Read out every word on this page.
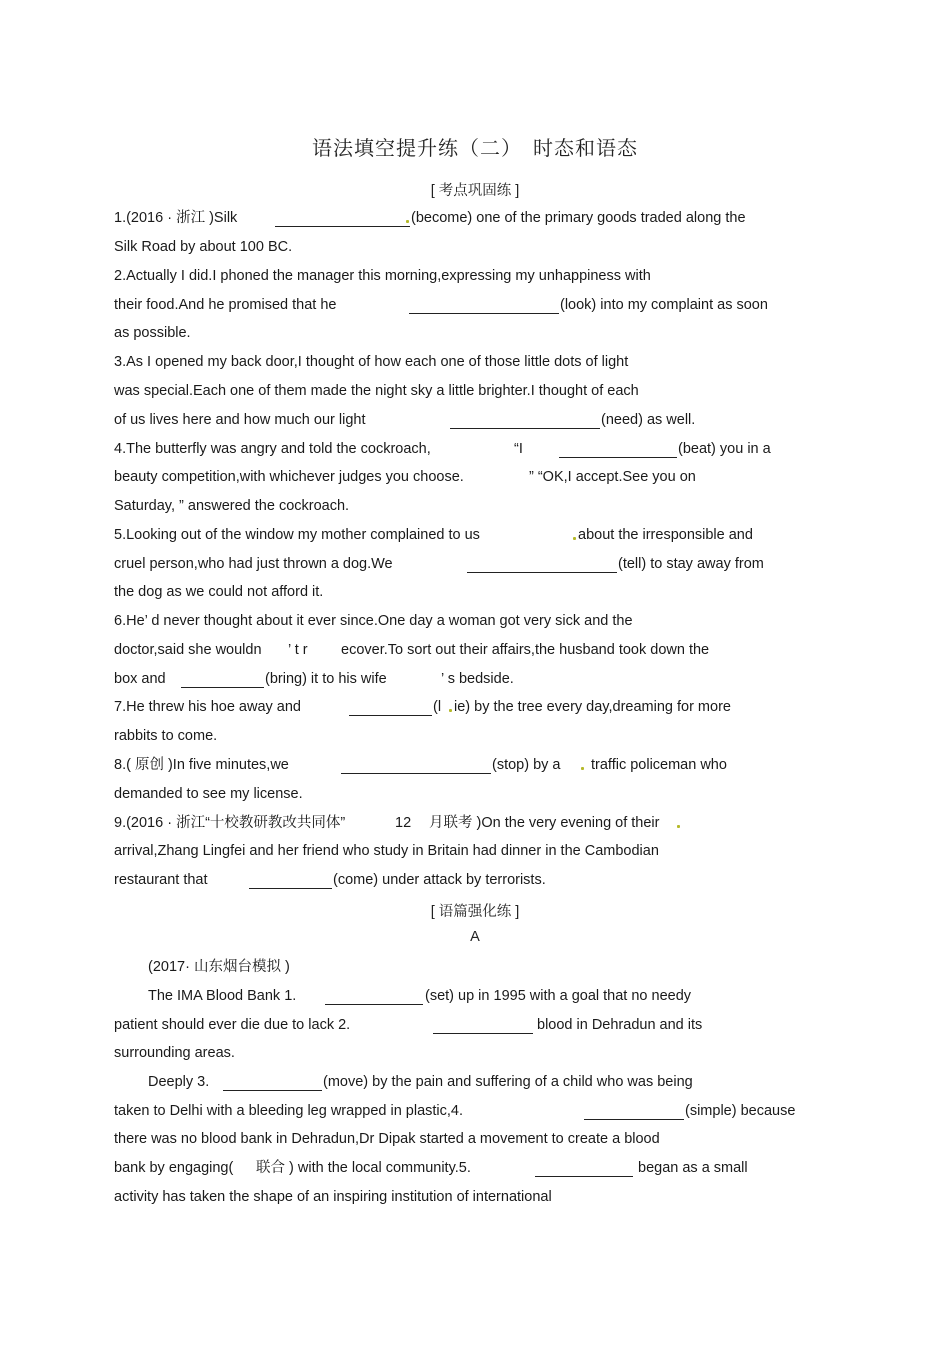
语法填空提升练（二）　时态和语态
[ 考点巩固练 ]
1.(2016 · 浙江 )Silk	(become) one of the primary goods traded along the
Silk Road by about 100 BC.
2.Actually I did.I phoned the manager this morning,expressing my unhappiness with
their food.And he promised that he	(look) into my complaint as soon
as possible.
3.As I opened my back door,I thought of how each one of those little dots of light
was special.Each one of them made the night sky a little brighter.I thought of each
of us lives here and how much our light	(need) as well.
4.The butterfly was angry and told the cockroach,	“I	(beat) you in a
beauty competition,with whichever judges you choose.	” “OK,I accept.See you on
Saturday, ” answered the cockroach.
5.Looking out of the window my mother complained to us	about the irresponsible and
cruel person,who had just thrown a dog.We	(tell) to stay away from
the dog as we could not afford it.
6.He’ d never thought about it ever since.One day a woman got very sick and the
doctor,said she wouldn ’ t r ecover.To sort out their affairs,the husband took down the
box and	(bring) it to his wife	’ s bedside.
7.He threw his hoe away and	(l ie) by the tree every day,dreaming for more
rabbits to come.
8.( 原创 )In five minutes,we	(stop) by a traffic policeman who
demanded to see my license.
9.(2016 · 浙江“十校教研教改共同体”	12 月联考 )On the very evening of their
arrival,Zhang Lingfei and her friend who study in Britain had dinner in the Cambodian
restaurant that	(come) under attack by terrorists.
[ 语篇强化练 ]
A
(2017· 山东烟台模拟 )
The IMA Blood Bank 1.	(set) up in 1995 with a goal that no needy
patient should ever die due to lack 2.	blood in Dehradun and its
surrounding areas.
Deeply 3.	(move) by the pain and suffering of a child who was being
taken to Delhi with a bleeding leg wrapped in plastic,4.	(simple) because
there was no blood bank in Dehradun,Dr Dipak started a movement to create a blood
bank by engaging( 联合 ) with the local community.5.	began as a small
activity has taken the shape of an inspiring institution of international
